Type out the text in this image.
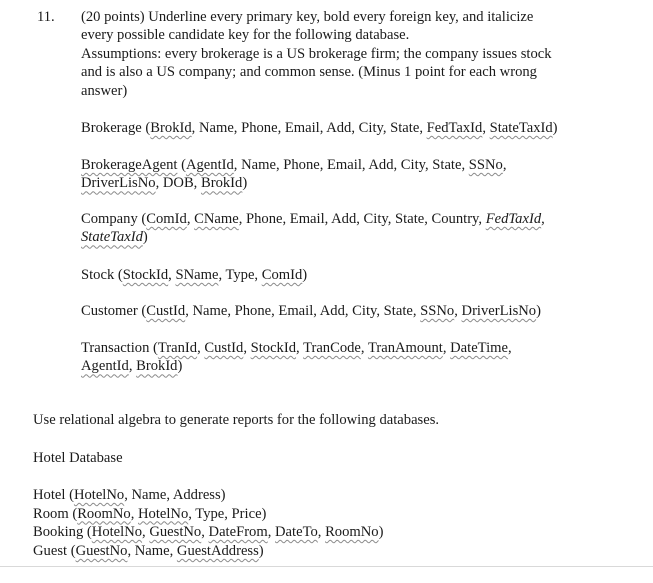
11. (20 points) Underline every primary key, bold every foreign key, and italicize
every possible candidate key for the following database.
Assumptions: every brokerage is a US brokerage firm; the company issues stock
and is also a US company; and common sense. (Minus 1 point for each wrong
answer)
Brokerage (BrokId, Name, Phone, Email, Add, City, State, FedTaxId, StateTaxId)
BrokerageAgent (AgentId, Name, Phone, Email, Add, City, State, SSNo,
DriverLisNo, DOB, BrokId)
Company (ComId, CName, Phone, Email, Add, City, State, Country, FedTaxId,
StateTaxId)
Stock (StockId, SName, Type, ComId)
Customer (CustId, Name, Phone, Email, Add, City, State, SSNo, DriverLisNo)
Transaction (TranId, CustId, StockId, TranCode, TranAmount, DateTime,
AgentId, BrokId)
Use relational algebra to generate reports for the following databases.
Hotel Database
Hotel (HotelNo, Name, Address)
Room (RoomNo, HotelNo, Type, Price)
Booking (HotelNo, GuestNo, DateFrom, DateTo, RoomNo)
Guest (GuestNo, Name, GuestAddress)
